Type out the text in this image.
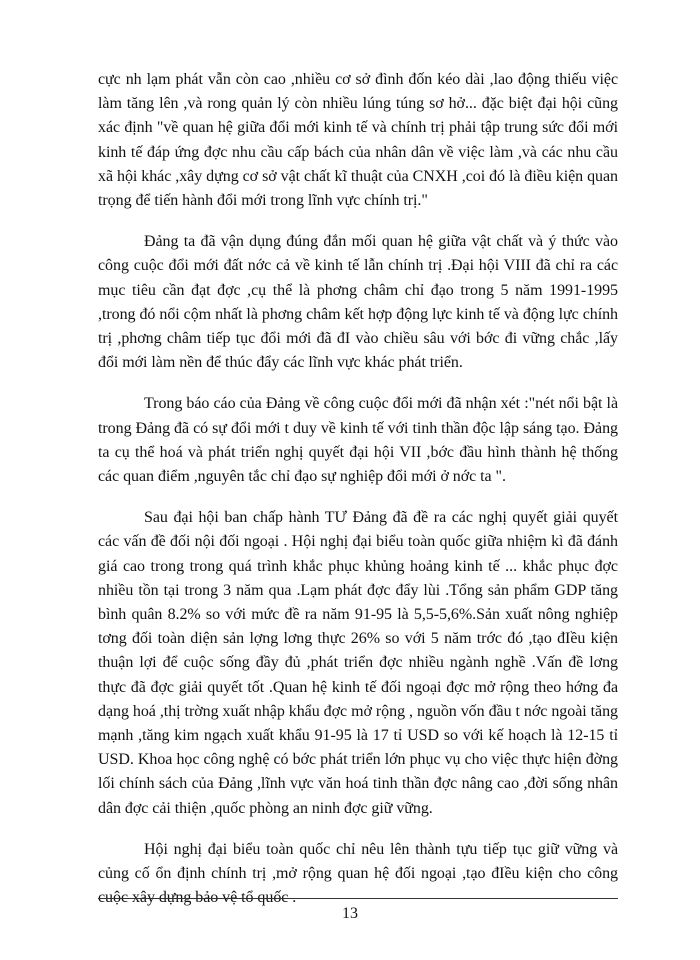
cực nh lạm phát vẫn còn cao ,nhiều cơ sở đình đốn kéo dài ,lao động thiếu việc làm tăng lên ,và rong quản lý còn nhiều lúng túng sơ hở... đặc biệt đại hội cũng xác định "về quan hệ giữa đổi mới kinh tế và chính trị phải tập trung sức đổi mới kinh tế đáp ứng đợc nhu cầu cấp bách của nhân dân về việc làm ,và các nhu cầu xã hội khác ,xây dựng cơ sở vật chất kĩ thuật của CNXH ,coi đó là điều kiện quan trọng để tiến hành đổi mới trong lĩnh vực chính trị."

Đảng ta đã vận dụng đúng đắn mối quan hệ giữa vật chất và ý thức vào công cuộc đổi mới đất nớc cả về kinh tế lẫn chính trị .Đại hội VIII đã chỉ ra các mục tiêu cần đạt đợc ,cụ thể là phơng châm chỉ đạo trong 5 năm 1991-1995 ,trong đó nổi cộm nhất là phơng châm kết hợp động lực kinh tế và động lực chính trị ,phơng châm tiếp tục đổi mới đã đI vào chiều sâu với bớc đi vững chắc ,lấy đổi mới làm nền để thúc đẩy các lĩnh vực khác phát triển.

Trong báo cáo của Đảng về công cuộc đổi mới đã nhận xét :"nét nổi bật là trong Đảng đã có sự đổi mới t duy về kinh tế với tinh thần độc lập sáng tạo. Đảng ta cụ thể hoá và phát triển nghị quyết đại hội VII ,bớc đầu hình thành hệ thống các quan điểm ,nguyên tắc chỉ đạo sự nghiệp đổi mới ở nớc ta ".

Sau đại hội ban chấp hành TƯ Đảng đã đề ra các nghị quyết giải quyết các vấn đề đối nội đối ngoại . Hội nghị đại biểu toàn quốc giữa nhiệm kì đã đánh giá cao trong trong quá trình khắc phục khủng hoảng kinh tế ... khắc phục đợc nhiều tồn tại trong 3 năm qua .Lạm phát đợc đẩy lùi .Tổng sản phẩm GDP tăng bình quân 8.2% so với mức đề ra năm 91-95 là 5,5-5,6%.Sản xuất nông nghiệp tơng đối toàn diện sản lợng lơng thực 26% so với 5 năm trớc đó ,tạo đIều kiện thuận lợi để cuộc sống đầy đủ ,phát triển đợc nhiều ngành nghề .Vấn đề lơng thực đã đợc giải quyết tốt .Quan hệ kinh tế đối ngoại đợc mở rộng theo hớng đa dạng hoá ,thị trờng xuất nhập khẩu đợc mở rộng , nguồn vốn đầu t nớc ngoài tăng mạnh ,tăng kim ngạch xuất khẩu 91-95 là 17 tỉ USD so với kế hoạch là 12-15 tỉ USD. Khoa học công nghệ có bớc phát triển lớn phục vụ cho việc thực hiện đờng lối chính sách của Đảng ,lĩnh vực văn hoá tinh thần đợc nâng cao ,đời sống nhân dân đợc cải thiện ,quốc phòng an ninh đợc giữ vững.

Hội nghị đại biểu toàn quốc chỉ nêu lên thành tựu tiếp tục giữ vững và củng cố ổn định chính trị ,mở rộng quan hệ đối ngoại ,tạo đIều kiện cho công cuộc xây dựng bảo vệ tổ quốc .

13
